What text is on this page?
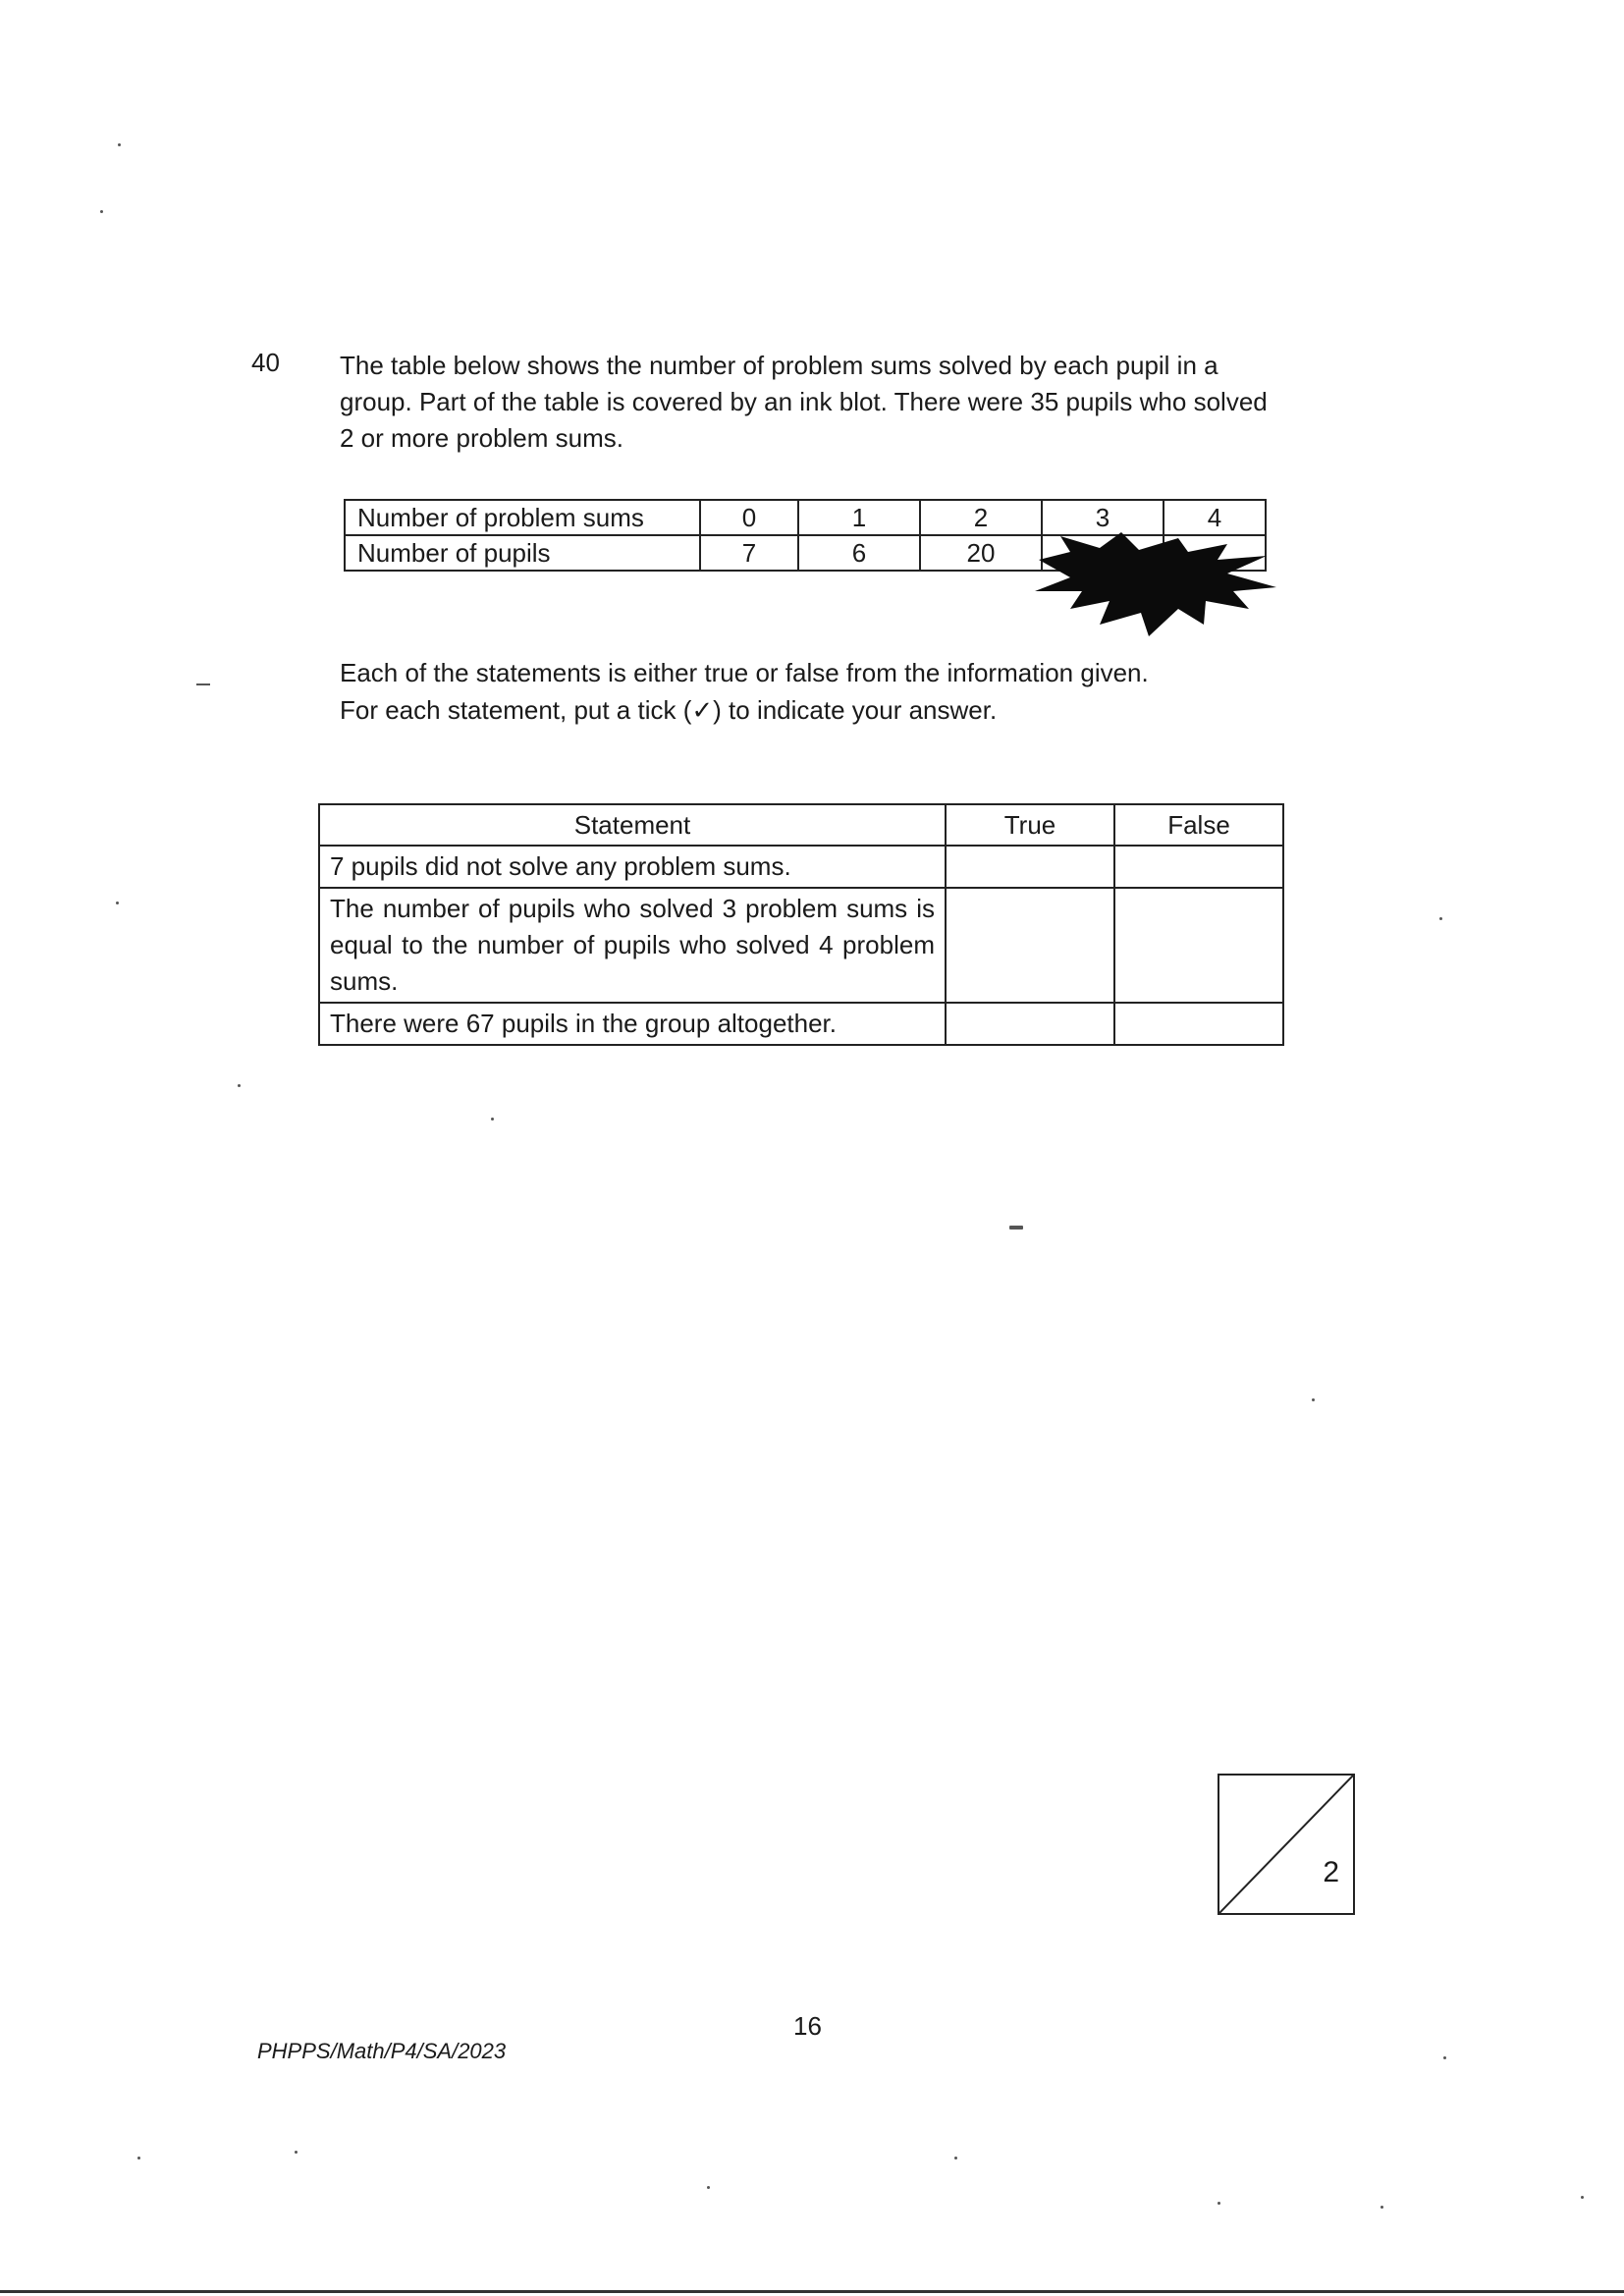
40 The table below shows the number of problem sums solved by each pupil in a

group. Part of the table is covered by an ink blot. There were 35 pupils who solved

2 or more problem sums.

Number of problem sums	0	1	2	3	4
Number of pupils	7	6	20		

Each of the statements is either true or false from the information given.

For each statement, put a tick (✓) to indicate your answer.

Statement	True	False
7 pupils did not solve any problem sums.		
The number of pupils who solved 3 problem sums is equal to the number of pupils who solved 4 problem sums.		
There were 67 pupils in the group altogether.		
2
16
PHPPS/Math/P4/SA/2023
